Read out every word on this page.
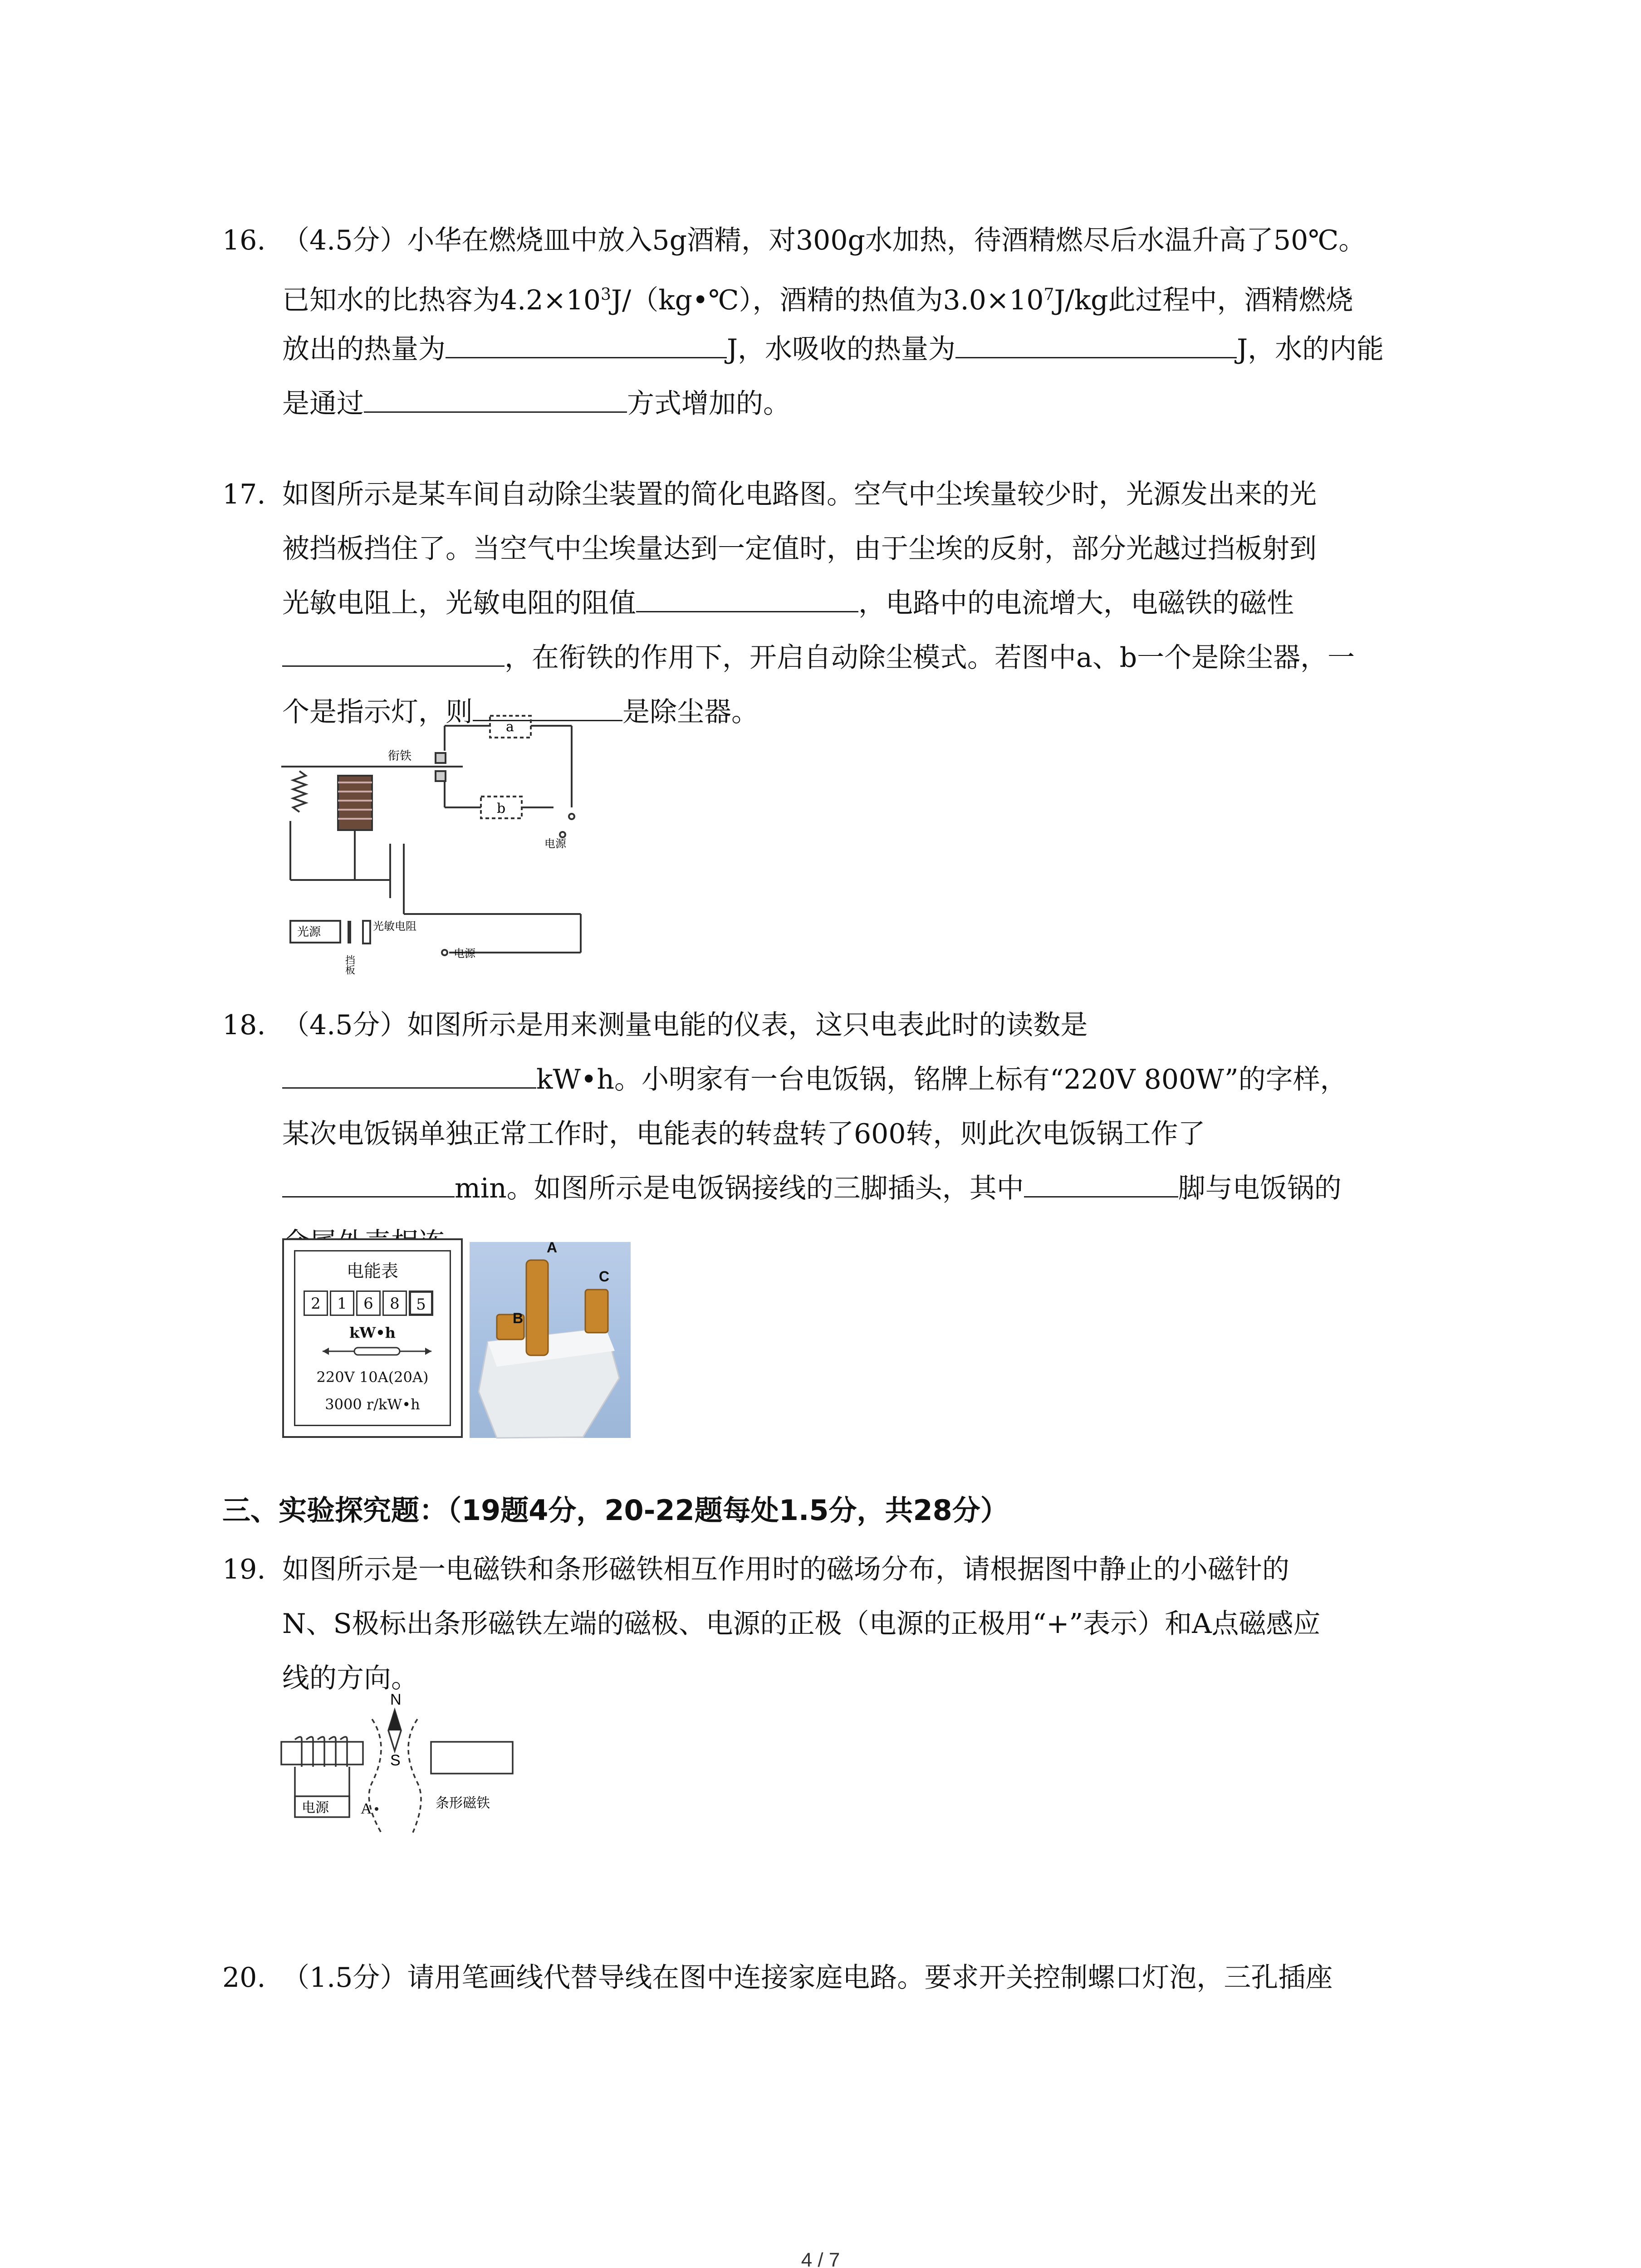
16. （4.5分）小华在燃烧皿中放入5g酒精，对300g水加热，待酒精燃尽后水温升高了50℃。
已知水的比热容为$4.2\times 10^3J/(kg•℃)$，酒精的热值为$3.0\times 10^7J/kg$此过程中，酒精燃烧
放出的热量为	J，水吸收的热量为	J，水的内能
是通过	方式增加的。
17. 如图所示是某车间自动除尘装置的简化电路图。空气中尘埃量较少时，光源发出来的光
被挡板挡住了。当空气中尘埃量达到一定值时，由于尘埃的反射，部分光越过挡板射到
光敏电阻上，光敏电阻的阻值	，电路中的电流增大，电磁铁的磁性
，在衔铁的作用下，开启自动除尘模式。若图中a、b一个是除尘器，一
个是指示灯，则	是除尘器。
衔铁
a
b
电源
光源	光敏电阻
挡板
电源
18. （4.5分）如图所示是用来测量电能的仪表，这只电表此时的读数是
kW•h。小明家有一台电饭锅，铭牌上标有“220V 800W”的字样，
某次电饭锅单独正常工作时，电能表的转盘转了600转，则此次电饭锅工作了
min。如图所示是电饭锅接线的三脚插头，其中	脚与电饭锅的
电能表
2	1	6	8	5
kW•h
220V 10A(20A)
3000 r/kW•h
A
B
C
三、实验探究题：（19题4分，20-22题每处1.5分，共28分）
19. 如图所示是一电磁铁和条形磁铁相互作用时的磁场分布，请根据图中静止的小磁针的
N、S极标出条形磁铁左端的磁极、电源的正极（电源的正极用“+”表示）和A点磁感应
线的方向。
N
S
A
电源	条形磁铁
20. （1.5分）请用笔画线代替导线在图中连接家庭电路。要求开关控制螺口灯泡，三孔插座
4 / 7
